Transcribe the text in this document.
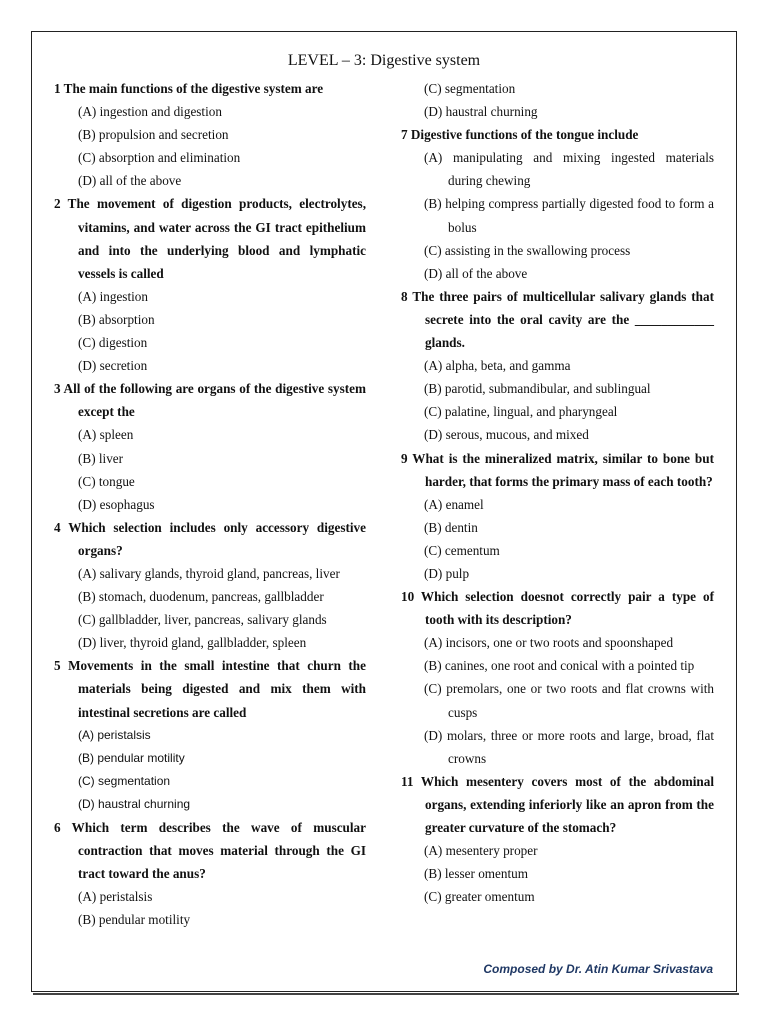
LEVEL – 3: Digestive system
1 The main functions of the digestive system are
(A) ingestion and digestion
(B) propulsion and secretion
(C) absorption and elimination
(D) all of the above
2 The movement of digestion products, electrolytes, vitamins, and water across the GI tract epithelium and into the underlying blood and lymphatic vessels is called
(A) ingestion
(B) absorption
(C) digestion
(D) secretion
3 All of the following are organs of the digestive system except the
(A) spleen
(B) liver
(C) tongue
(D) esophagus
4 Which selection includes only accessory digestive organs?
(A) salivary glands, thyroid gland, pancreas, liver
(B) stomach, duodenum, pancreas, gallbladder
(C) gallbladder, liver, pancreas, salivary glands
(D) liver, thyroid gland, gallbladder, spleen
5 Movements in the small intestine that churn the materials being digested and mix them with intestinal secretions are called
(A) peristalsis
(B) pendular motility
(C) segmentation
(D) haustral churning
6 Which term describes the wave of muscular contraction that moves material through the GI tract toward the anus?
(A) peristalsis
(B) pendular motility
(C) segmentation
(D) haustral churning
7 Digestive functions of the tongue include
(A) manipulating and mixing ingested materials during chewing
(B) helping compress partially digested food to form a bolus
(C) assisting in the swallowing process
(D) all of the above
8 The three pairs of multicellular salivary glands that secrete into the oral cavity are the ____________ glands.
(A) alpha, beta, and gamma
(B) parotid, submandibular, and sublingual
(C) palatine, lingual, and pharyngeal
(D) serous, mucous, and mixed
9 What is the mineralized matrix, similar to bone but harder, that forms the primary mass of each tooth?
(A) enamel
(B) dentin
(C) cementum
(D) pulp
10 Which selection doesnot correctly pair a type of tooth with its description?
(A) incisors, one or two roots and spoonshaped
(B) canines, one root and conical with a pointed tip
(C) premolars, one or two roots and flat crowns with cusps
(D) molars, three or more roots and large, broad, flat crowns
11 Which mesentery covers most of the abdominal organs, extending inferiorly like an apron from the greater curvature of the stomach?
(A) mesentery proper
(B) lesser omentum
(C) greater omentum
Composed by Dr. Atin Kumar Srivastava
